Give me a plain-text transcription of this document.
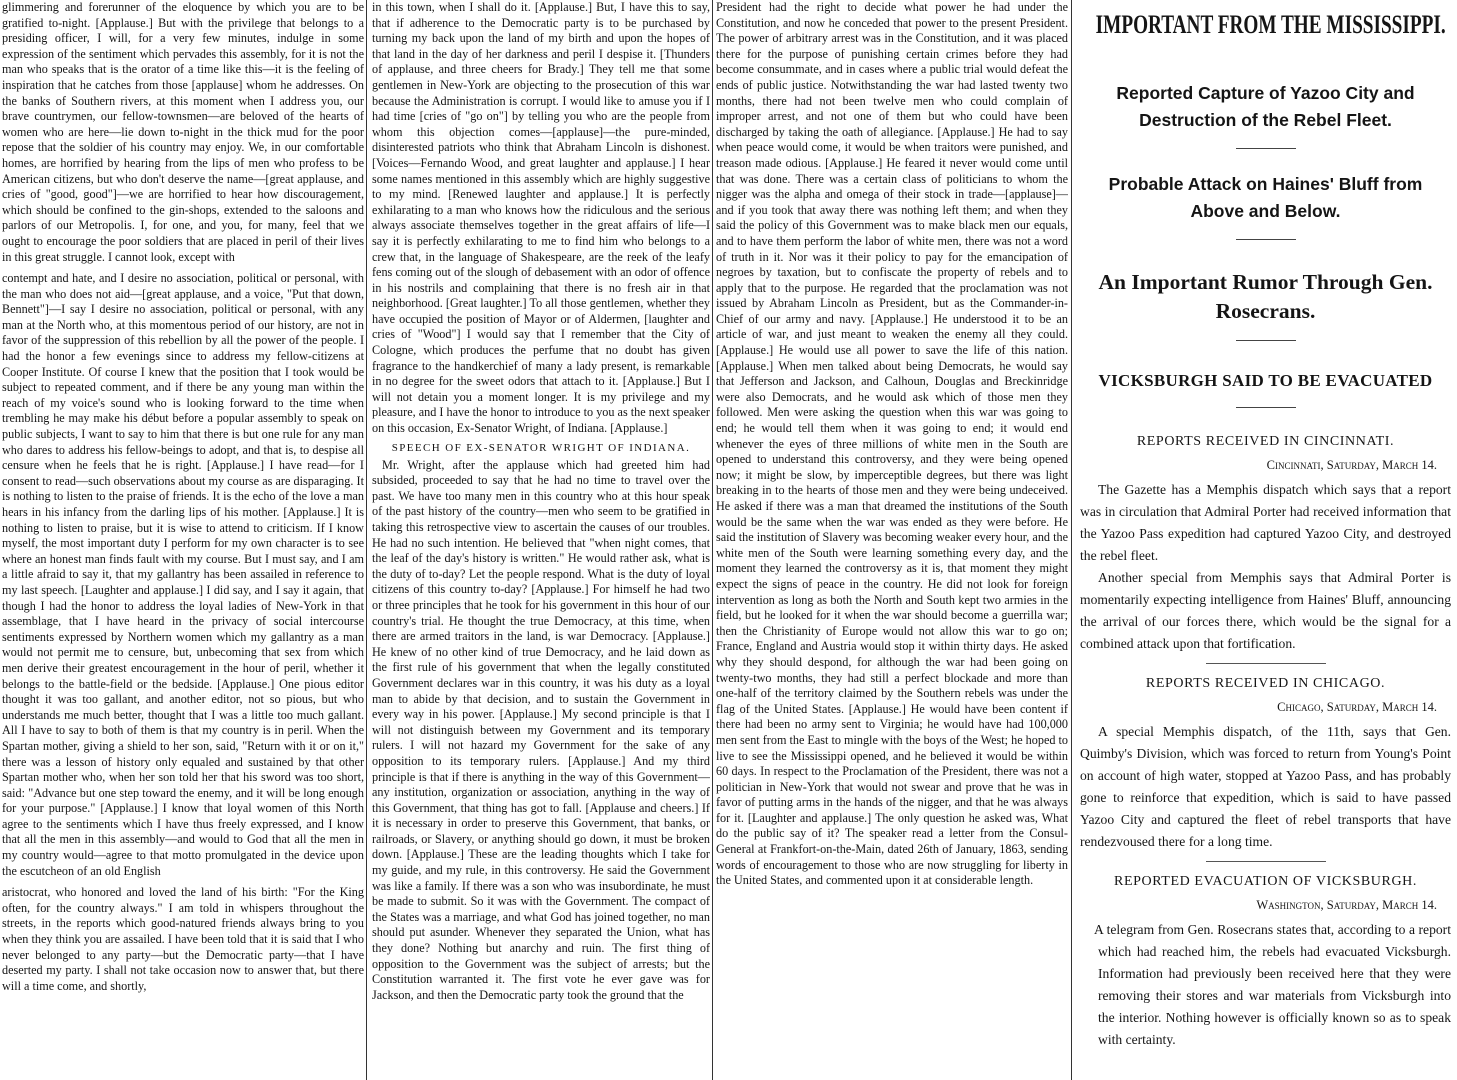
glimmering and forerunner of the eloquence by which you are to be gratified to-night. [Applause.] But with the privilege that belongs to a presiding officer, I will, for a very few minutes, indulge in some expression of the sentiment which pervades this assembly, for it is not the man who speaks that is the orator of a time like this—it is the feeling of inspiration that he catches from those [applause] whom he addresses. On the banks of Southern rivers, at this moment when I address you, our brave countrymen, our fellow-townsmen—are beloved of the hearts of women who are here—lie down to-night in the thick mud for the poor repose that the soldier of his country may enjoy. We, in our comfortable homes, are horrified by hearing from the lips of men who profess to be American citizens, but who don't deserve the name—[great applause, and cries of "good, good"]—we are horrified to hear how discouragement, which should be confined to the gin-shops, extended to the saloons and parlors of our Metropolis. I, for one, and you, for many, feel that we ought to encourage the poor soldiers that are placed in peril of their lives in this great struggle. I cannot look, except with

contempt and hate, and I desire no association, political or personal, with the man who does not aid—[great applause, and a voice, "Put that down, Bennett"]—I say I desire no association, political or personal, with any man at the North who, at this momentous period of our history, are not in favor of the suppression of this rebellion by all the power of the people. I had the honor a few evenings since to address my fellow-citizens at Cooper Institute. Of course I knew that the position that I took would be subject to repeated comment, and if there be any young man within the reach of my voice's sound who is looking forward to the time when trembling he may make his début before a popular assembly to speak on public subjects, I want to say to him that there is but one rule for any man who dares to address his fellow-beings to adopt, and that is, to despise all censure when he feels that he is right. [Applause.] I have read—for I consent to read—such observations about my course as are disparaging. It is nothing to listen to the praise of friends. It is the echo of the love a man hears in his infancy from the darling lips of his mother. [Applause.] It is nothing to listen to praise, but it is wise to attend to criticism. If I know myself, the most important duty I perform for my own character is to see where an honest man finds fault with my course. But I must say, and I am a little afraid to say it, that my gallantry has been assailed in reference to my last speech. [Laughter and applause.] I did say, and I say it again, that though I had the honor to address the loyal ladies of New-York in that assemblage, that I have heard in the privacy of social intercourse sentiments expressed by Northern women which my gallantry as a man would not permit me to censure, but, unbecoming that sex from which men derive their greatest encouragement in the hour of peril, whether it belongs to the battle-field or the bedside. [Applause.] One pious editor thought it was too gallant, and another editor, not so pious, but who understands me much better, thought that I was a little too much gallant. All I have to say to both of them is that my country is in peril. When the Spartan mother, giving a shield to her son, said, "Return with it or on it," there was a lesson of history only equaled and sustained by that other Spartan mother who, when her son told her that his sword was too short, said: "Advance but one step toward the enemy, and it will be long enough for your purpose." [Applause.] I know that loyal women of this North agree to the sentiments which I have thus freely expressed, and I know that all the men in this assembly—and would to God that all the men in my country would—agree to that motto promulgated in the device upon the escutcheon of an old English

aristocrat, who honored and loved the land of his birth: "For the King often, for the country always." I am told in whispers throughout the streets, in the reports which good-natured friends always bring to you when they think you are assailed. I have been told that it is said that I who never belonged to any party—but the Democratic party—that I have deserted my party. I shall not take occasion now to answer that, but there will a time come, and shortly,

in this town, when I shall do it. [Applause.] But, I have this to say, that if adherence to the Democratic party is to be purchased by turning my back upon the land of my birth and upon the hopes of that land in the day of her darkness and peril I despise it. [Thunders of applause, and three cheers for Brady.] They tell me that some gentlemen in New-York are objecting to the prosecution of this war because the Administration is corrupt. I would like to amuse you if I had time [cries of "go on"] by telling you who are the people from whom this objection comes—[applause]—the pure-minded, disinterested patriots who think that Abraham Lincoln is dishonest. [Voices—Fernando Wood, and great laughter and applause.] I hear some names mentioned in this assembly which are highly suggestive to my mind. [Renewed laughter and applause.] It is perfectly exhilarating to a man who knows how the ridiculous and the serious always associate themselves together in the great affairs of life—I say it is perfectly exhilarating to me to find him who belongs to a crew that, in the language of Shakespeare, are the reek of the leafy fens coming out of the slough of debasement with an odor of offence in his nostrils and complaining that there is no fresh air in that neighborhood. [Great laughter.] To all those gentlemen, whether they have occupied the position of Mayor or of Aldermen, [laughter and cries of "Wood"] I would say that I remember that the City of Cologne, which produces the perfume that no doubt has given fragrance to the handkerchief of many a lady present, is remarkable in no degree for the sweet odors that attach to it. [Applause.] But I will not detain you a moment longer. It is my privilege and my pleasure, and I have the honor to introduce to you as the next speaker on this occasion, Ex-Senator Wright, of Indiana. [Applause.]

SPEECH OF EX-SENATOR WRIGHT OF INDIANA.

Mr. Wright, after the applause which had greeted him had subsided, proceeded to say that he had no time to travel over the past. We have too many men in this country who at this hour speak of the past history of the country—men who seem to be gratified in taking this retrospective view to ascertain the causes of our troubles. He had no such intention. He believed that "when night comes, that the leaf of the day's history is written." He would rather ask, what is the duty of to-day? Let the people respond. What is the duty of loyal citizens of this country to-day? [Applause.] For himself he had two or three principles that he took for his government in this hour of our country's trial. He thought the true Democracy, at this time, when there are armed traitors in the land, is war Democracy. [Applause.] He knew of no other kind of true Democracy, and he laid down as the first rule of his government that when the legally constituted Government declares war in this country, it was his duty as a loyal man to abide by that decision, and to sustain the Government in every way in his power. [Applause.] My second principle is that I will not distinguish between my Government and its temporary rulers. I will not hazard my Government for the sake of any opposition to its temporary rulers. [Applause.] And my third principle is that if there is anything in the way of this Government—any institution, organization or association, anything in the way of this Government, that thing has got to fall. [Applause and cheers.] If it is necessary in order to preserve this Government, that banks, or railroads, or Slavery, or anything should go down, it must be broken down. [Applause.] These are the leading thoughts which I take for my guide, and my rule, in this controversy. He said the Government was like a family. If there was a son who was insubordinate, he must be made to submit. So it was with the Government. The compact of the States was a marriage, and what God has joined together, no man should put asunder. Whenever they separated the Union, what has they done? Nothing but anarchy and ruin. The first thing of opposition to the Government was the subject of arrests; but the Constitution warranted it. The first vote he ever gave was for Jackson, and then the Democratic party took the ground that the

President had the right to decide what power he had under the Constitution, and now he conceded that power to the present President. The power of arbitrary arrest was in the Constitution, and it was placed there for the purpose of punishing certain crimes before they had become consummate, and in cases where a public trial would defeat the ends of public justice. Notwithstanding the war had lasted twenty two months, there had not been twelve men who could complain of improper arrest, and not one of them but who could have been discharged by taking the oath of allegiance. [Applause.] He had to say when peace would come, it would be when traitors were punished, and treason made odious. [Applause.] He feared it never would come until that was done. There was a certain class of politicians to whom the nigger was the alpha and omega of their stock in trade—[applause]—and if you took that away there was nothing left them; and when they said the policy of this Government was to make black men our equals, and to have them perform the labor of white men, there was not a word of truth in it. Nor was it their policy to pay for the emancipation of negroes by taxation, but to confiscate the property of rebels and to apply that to the purpose. He regarded that the proclamation was not issued by Abraham Lincoln as President, but as the Commander-in-Chief of our army and navy. [Applause.] He understood it to be an article of war, and just meant to weaken the enemy all they could. [Applause.] He would use all power to save the life of this nation. [Applause.] When men talked about being Democrats, he would say that Jefferson and Jackson, and Calhoun, Douglas and Breckinridge were also Democrats, and he would ask which of those men they followed. Men were asking the question when this war was going to end; he would tell them when it was going to end; it would end whenever the eyes of three millions of white men in the South are opened to understand this controversy, and they were being opened now; it might be slow, by imperceptible degrees, but there was light breaking in to the hearts of those men and they were being undeceived. He asked if there was a man that dreamed the institutions of the South would be the same when the war was ended as they were before. He said the institution of Slavery was becoming weaker every hour, and the white men of the South were learning something every day, and the moment they learned the controversy as it is, that moment they might expect the signs of peace in the country. He did not look for foreign intervention as long as both the North and South kept two armies in the field, but he looked for it when the war should become a guerrilla war; then the Christianity of Europe would not allow this war to go on; France, England and Austria would stop it within thirty days. He asked why they should despond, for although the war had been going on twenty-two months, they had still a perfect blockade and more than one-half of the territory claimed by the Southern rebels was under the flag of the United States. [Applause.] He would have been content if there had been no army sent to Virginia; he would have had 100,000 men sent from the East to mingle with the boys of the West; he hoped to live to see the Mississippi opened, and he believed it would be within 60 days. In respect to the Proclamation of the President, there was not a politician in New-York that would not swear and prove that he was in favor of putting arms in the hands of the nigger, and that he was always for it. [Laughter and applause.] The only question he asked was, What do the public say of it? The speaker read a letter from the Consul-General at Frankfort-on-the-Main, dated 26th of January, 1863, sending words of encouragement to those who are now struggling for liberty in the United States, and commented upon it at considerable length.

IMPORTANT FROM THE MISSISSIPPI.

Reported Capture of Yazoo City and Destruction of the Rebel Fleet.

Probable Attack on Haines' Bluff from Above and Below.

An Important Rumor Through Gen. Rosecrans.

VICKSBURGH SAID TO BE EVACUATED

REPORTS RECEIVED IN CINCINNATI.
Cincinnati, Saturday, March 14.

The Gazette has a Memphis dispatch which says that a report was in circulation that Admiral Porter had received information that the Yazoo Pass expedition had captured Yazoo City, and destroyed the rebel fleet.

Another special from Memphis says that Admiral Porter is momentarily expecting intelligence from Haines' Bluff, announcing the arrival of our forces there, which would be the signal for a combined attack upon that fortification.

REPORTS RECEIVED IN CHICAGO.
Chicago, Saturday, March 14.

A special Memphis dispatch, of the 11th, says that Gen. Quimby's Division, which was forced to return from Young's Point on account of high water, stopped at Yazoo Pass, and has probably gone to reinforce that expedition, which is said to have passed Yazoo City and captured the fleet of rebel transports that have rendezvoused there for a long time.

REPORTED EVACUATION OF VICKSBURGH.
Washington, Saturday, March 14.

A telegram from Gen. Rosecrans states that, according to a report which had reached him, the rebels had evacuated Vicksburgh. Information had previously been received here that they were removing their stores and war materials from Vicksburgh into the interior. Nothing however is officially known so as to speak with certainty.
